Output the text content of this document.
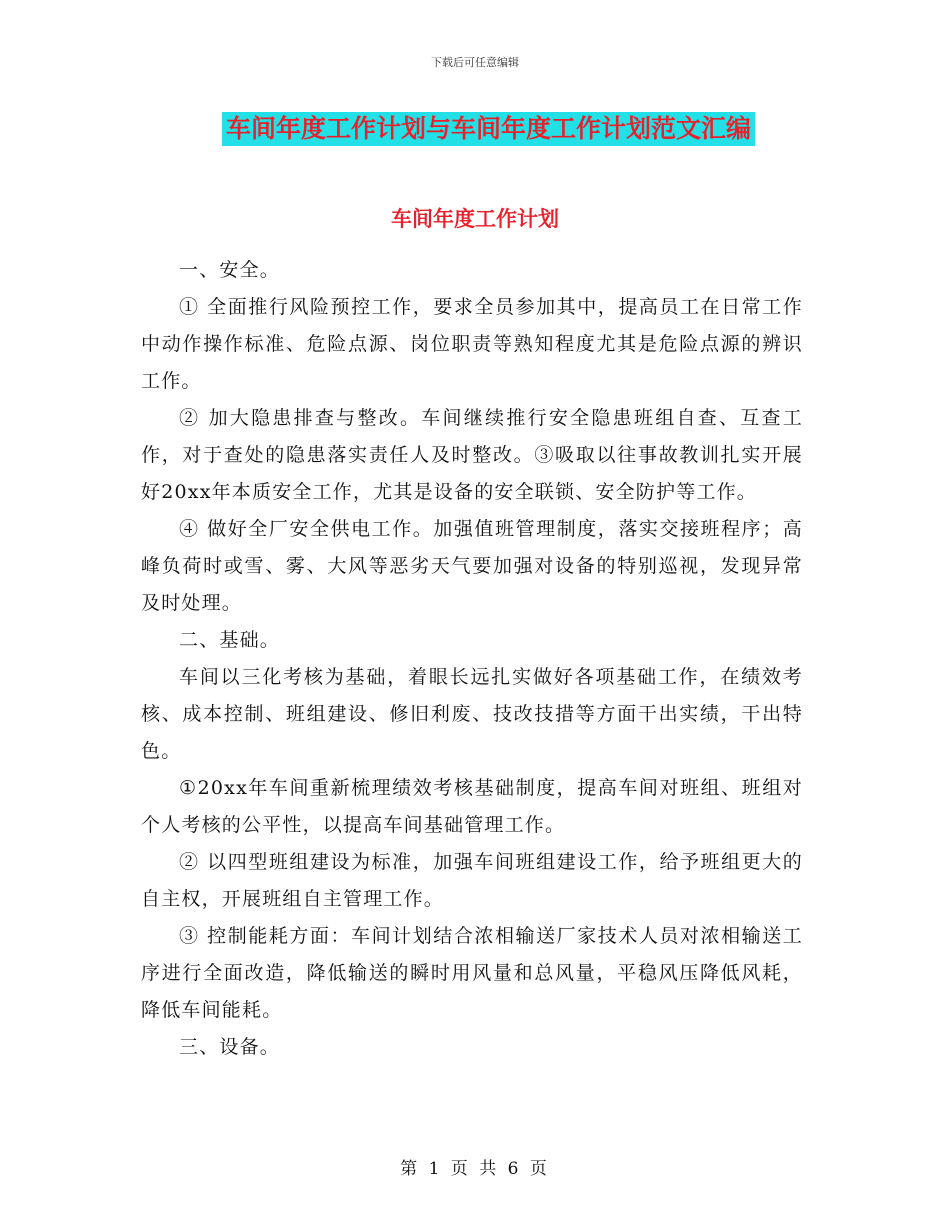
下载后可任意编辑
车间年度工作计划与车间年度工作计划范文汇编
车间年度工作计划

一、安全。

① 全面推行风险预控工作，要求全员参加其中，提高员工在日常工作中动作操作标准、危险点源、岗位职责等熟知程度尤其是危险点源的辨识工作。

② 加大隐患排查与整改。车间继续推行安全隐患班组自查、互查工作，对于查处的隐患落实责任人及时整改。③吸取以往事故教训扎实开展好20xx年本质安全工作，尤其是设备的安全联锁、安全防护等工作。

④ 做好全厂安全供电工作。加强值班管理制度，落实交接班程序；高峰负荷时或雪、雾、大风等恶劣天气要加强对设备的特别巡视，发现异常及时处理。

二、基础。

车间以三化考核为基础，着眼长远扎实做好各项基础工作，在绩效考核、成本控制、班组建设、修旧利废、技改技措等方面干出实绩，干出特色。

①20xx年车间重新梳理绩效考核基础制度，提高车间对班组、班组对个人考核的公平性，以提高车间基础管理工作。

② 以四型班组建设为标准，加强车间班组建设工作，给予班组更大的自主权，开展班组自主管理工作。

③ 控制能耗方面：车间计划结合浓相输送厂家技术人员对浓相输送工序进行全面改造，降低输送的瞬时用风量和总风量，平稳风压降低风耗，降低车间能耗。

三、设备。

第 1 页 共 6 页
